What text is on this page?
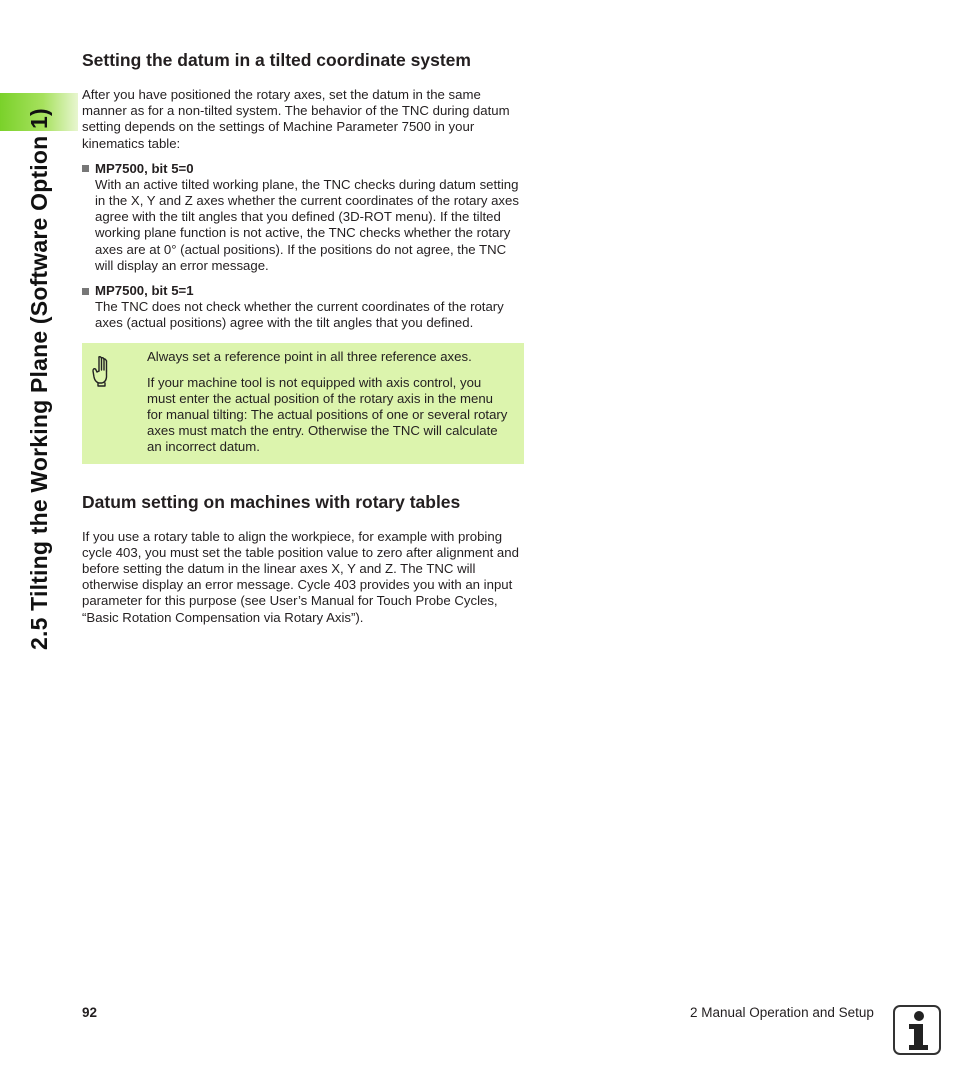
2.5 Tilting the Working Plane (Software Option 1)
Setting the datum in a tilted coordinate system

After you have positioned the rotary axes, set the datum in the same manner as for a non-tilted system. The behavior of the TNC during datum setting depends on the settings of Machine Parameter 7500 in your kinematics table:

MP7500, bit 5=0

With an active tilted working plane, the TNC checks during datum setting in the X, Y and Z axes whether the current coordinates of the rotary axes agree with the tilt angles that you defined (3D-ROT menu). If the tilted working plane function is not active, the TNC checks whether the rotary axes are at 0° (actual positions). If the positions do not agree, the TNC will display an error message.

MP7500, bit 5=1

The TNC does not check whether the current coordinates of the rotary axes (actual positions) agree with the tilt angles that you defined.

Always set a reference point in all three reference axes.

If your machine tool is not equipped with axis control, you must enter the actual position of the rotary axis in the menu for manual tilting: The actual positions of one or several rotary axes must match the entry. Otherwise the TNC will calculate an incorrect datum.

Datum setting on machines with rotary tables

If you use a rotary table to align the workpiece, for example with probing cycle 403, you must set the table position value to zero after alignment and before setting the datum in the linear axes X, Y and Z. The TNC will otherwise display an error message. Cycle 403 provides you with an input parameter for this purpose (see User’s Manual for Touch Probe Cycles, “Basic Rotation Compensation via Rotary Axis”).

92	2 Manual Operation and Setup
